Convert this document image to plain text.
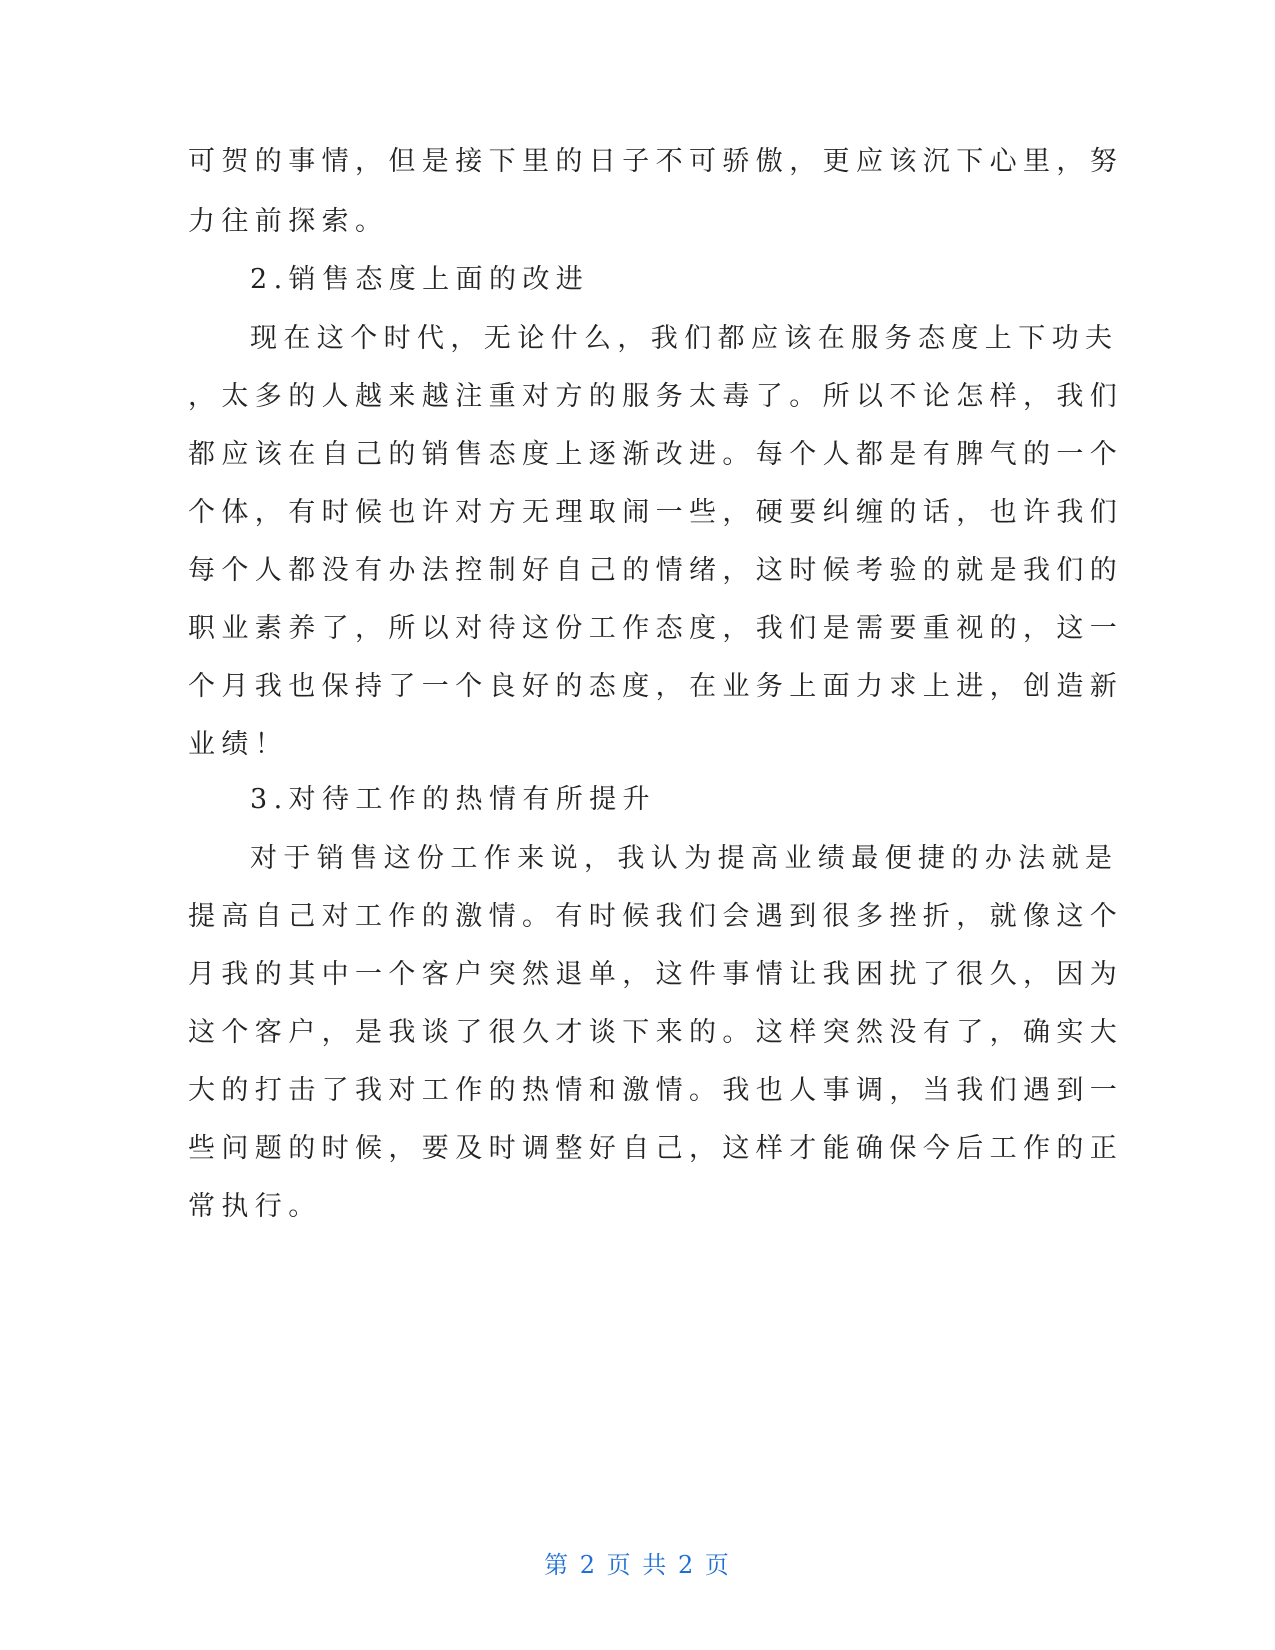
可贺的事情，但是接下里的日子不可骄傲，更应该沉下心里，努
力往前探索。
2.销售态度上面的改进
现在这个时代，无论什么，我们都应该在服务态度上下功夫
，太多的人越来越注重对方的服务太毒了。所以不论怎样，我们
都应该在自己的销售态度上逐渐改进。每个人都是有脾气的一个
个体，有时候也许对方无理取闹一些，硬要纠缠的话，也许我们
每个人都没有办法控制好自己的情绪，这时候考验的就是我们的
职业素养了，所以对待这份工作态度，我们是需要重视的，这一
个月我也保持了一个良好的态度，在业务上面力求上进，创造新
业绩！
3.对待工作的热情有所提升
对于销售这份工作来说，我认为提高业绩最便捷的办法就是
提高自己对工作的激情。有时候我们会遇到很多挫折，就像这个
月我的其中一个客户突然退单，这件事情让我困扰了很久，因为
这个客户，是我谈了很久才谈下来的。这样突然没有了，确实大
大的打击了我对工作的热情和激情。我也人事调，当我们遇到一
些问题的时候，要及时调整好自己，这样才能确保今后工作的正
常执行。
第 2 页 共 2 页
